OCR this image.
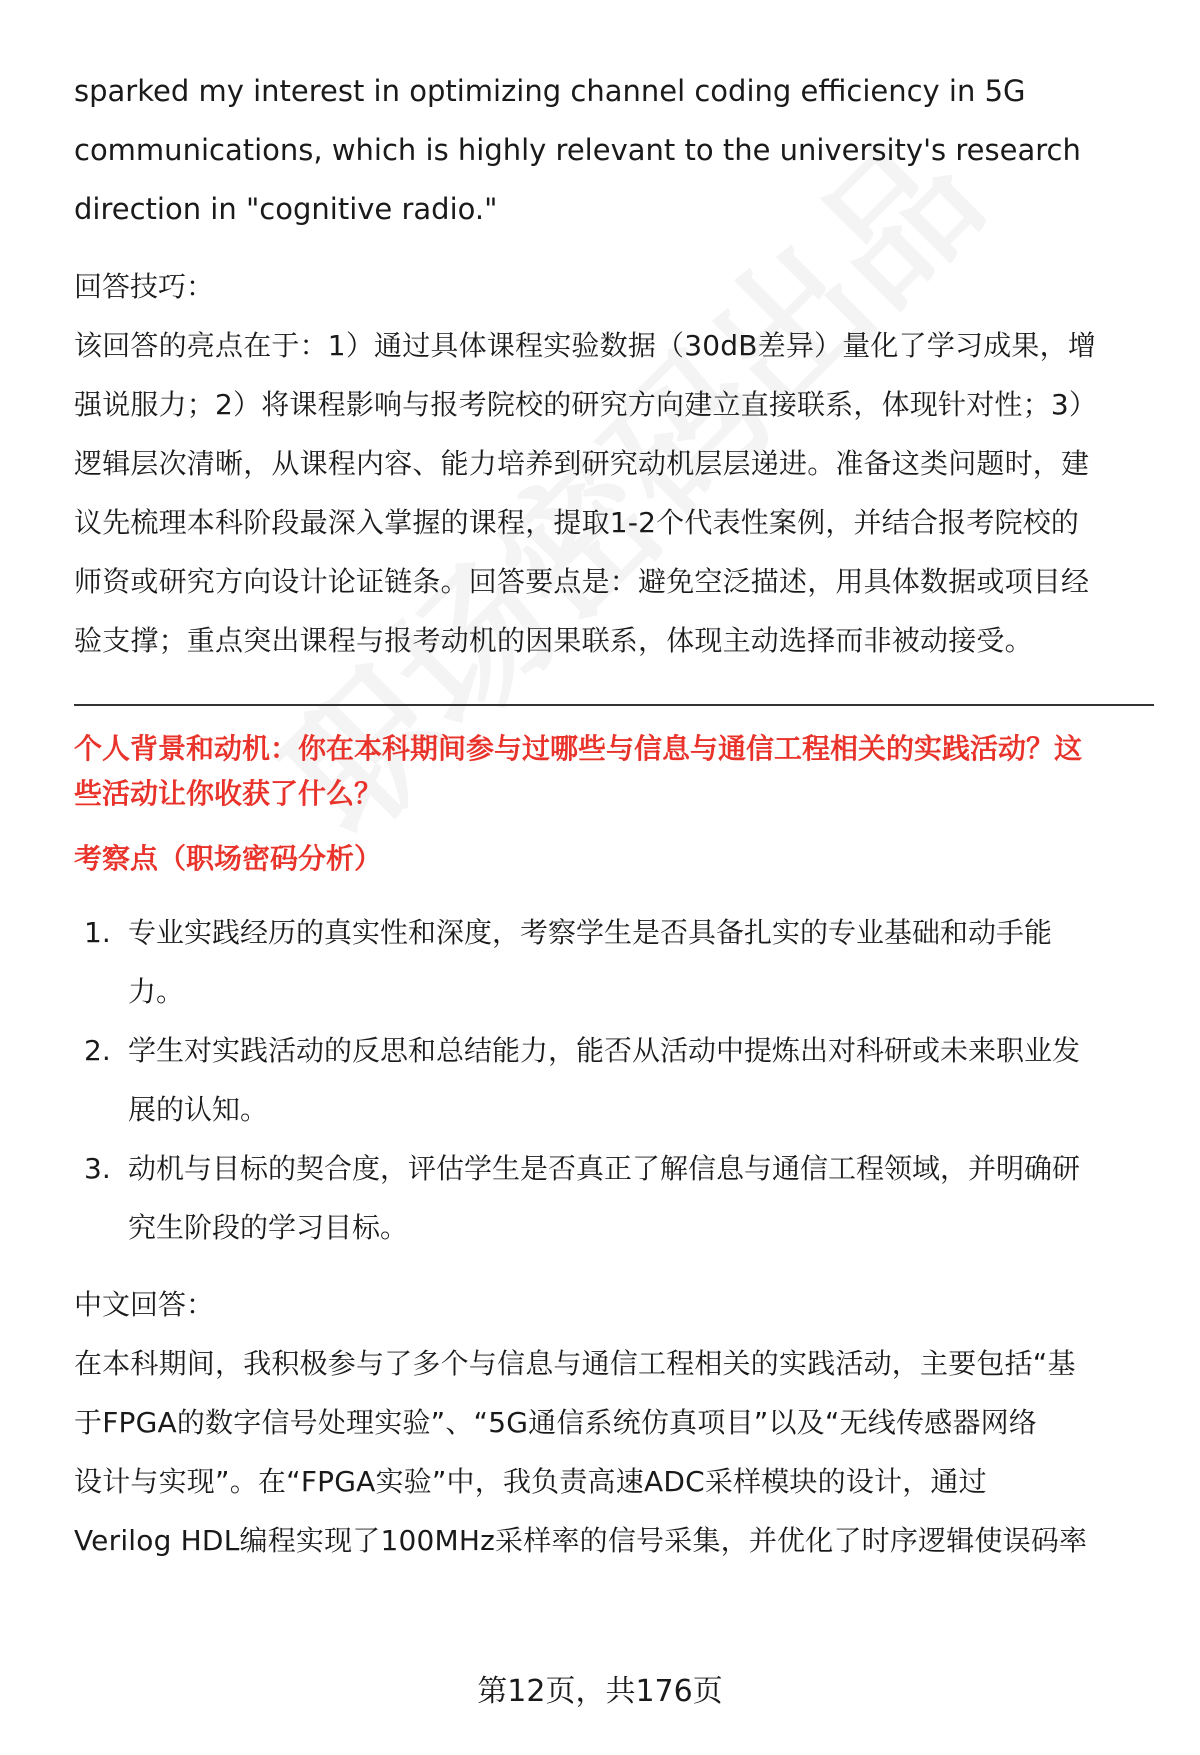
sparked my interest in optimizing channel coding efficiency in 5G

communications, which is highly relevant to the university's research

direction in "cognitive radio."

回答技巧：

该回答的亮点在于：1）通过具体课程实验数据（30dB差异）量化了学习成果，增

强说服力；2）将课程影响与报考院校的研究方向建立直接联系，体现针对性；3）

逻辑层次清晰，从课程内容、能力培养到研究动机层层递进。准备这类问题时，建

议先梳理本科阶段最深入掌握的课程，提取1-2个代表性案例，并结合报考院校的

师资或研究方向设计论证链条。回答要点是：避免空泛描述，用具体数据或项目经

验支撑；重点突出课程与报考动机的因果联系，体现主动选择而非被动接受。

个人背景和动机：你在本科期间参与过哪些与信息与通信工程相关的实践活动？这

些活动让你收获了什么？

考察点（职场密码分析）

1. 专业实践经历的真实性和深度，考察学生是否具备扎实的专业基础和动手能
力。
2. 学生对实践活动的反思和总结能力，能否从活动中提炼出对科研或未来职业发
展的认知。
3. 动机与目标的契合度，评估学生是否真正了解信息与通信工程领域，并明确研
究生阶段的学习目标。

中文回答：

在本科期间，我积极参与了多个与信息与通信工程相关的实践活动，主要包括“基

于FPGA的数字信号处理实验”、“5G通信系统仿真项目”以及“无线传感器网络

设计与实现”。在“FPGA实验”中，我负责高速ADC采样模块的设计，通过

Verilog HDL编程实现了100MHz采样率的信号采集，并优化了时序逻辑使误码率

第12页，共176页
